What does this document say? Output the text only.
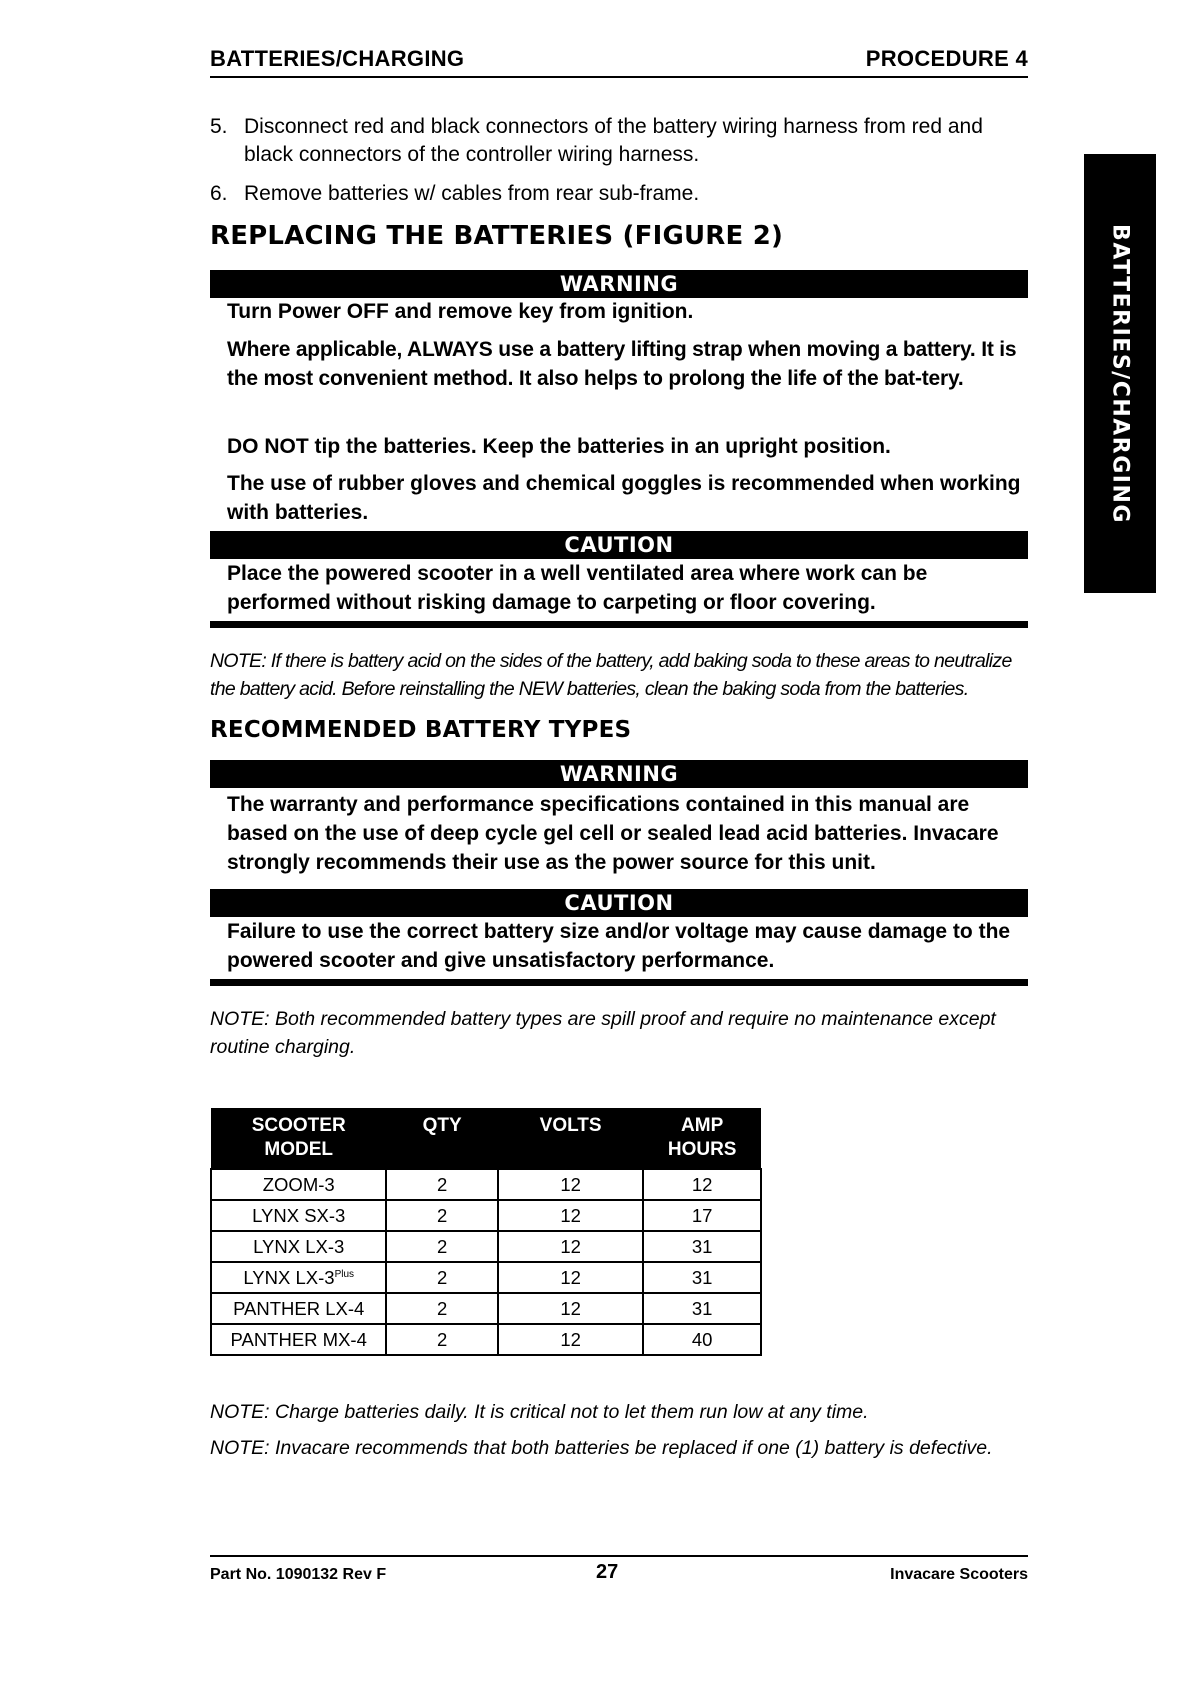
BATTERIES/CHARGING	PROCEDURE 4
BATTERIES/CHARGING
5. Disconnect red and black connectors of the battery wiring harness from red and black connectors of the controller wiring harness.
6. Remove batteries w/ cables from rear sub-frame.
REPLACING THE BATTERIES (FIGURE 2)
WARNING
Turn Power OFF and remove key from ignition.
Where applicable, ALWAYS use a battery lifting strap when moving a battery. It is the most convenient method. It also helps to prolong the life of the bat-tery.
DO NOT tip the batteries. Keep the batteries in an upright position.
The use of rubber gloves and chemical goggles is recommended when working with batteries.
CAUTION
Place the powered scooter in a well ventilated area where work can be performed without risking damage to carpeting or floor covering.
NOTE: If there is battery acid on the sides of the battery, add baking soda to these areas to neutralize the battery acid. Before reinstalling the NEW batteries, clean the baking soda from the batteries.
RECOMMENDED BATTERY TYPES
WARNING
The warranty and performance specifications contained in this manual are based on the use of deep cycle gel cell or sealed lead acid batteries. Invacare strongly recommends their use as the power source for this unit.
CAUTION
Failure to use the correct battery size and/or voltage may cause damage to the powered scooter and give unsatisfactory performance.
NOTE: Both recommended battery types are spill proof and require no maintenance except routine charging.
SCOOTER
MODEL	QTY	VOLTS	AMP
HOURS
ZOOM-3	2	12	12
LYNX SX-3	2	12	17
LYNX LX-3	2	12	31
LYNX $LX-3^{Plus}$	2	12	31
PANTHER LX-4	2	12	31
PANTHER MX-4	2	12	40
NOTE: Charge batteries daily. It is critical not to let them run low at any time.
NOTE: Invacare recommends that both batteries be replaced if one (1) battery is defective.
Part No. 1090132 Rev F	27	Invacare Scooters
